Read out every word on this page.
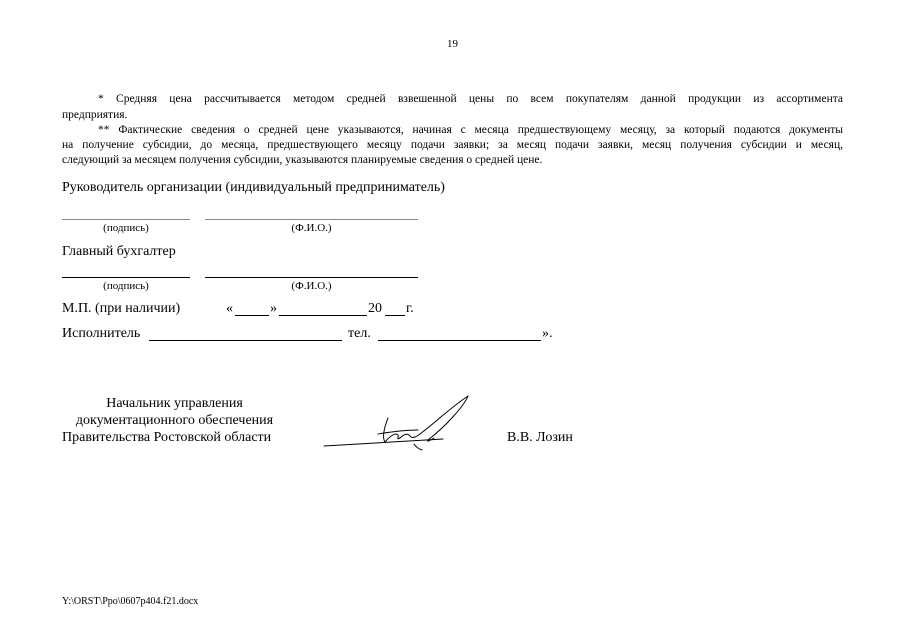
19
* Средняя цена рассчитывается методом средней взвешенной цены по всем покупателям данной продукции из ассортимента
предприятия.
** Фактические сведения о средней цене указываются, начиная с месяца предшествующему месяцу, за который подаются документы
на получение субсидии, до месяца, предшествующего месяцу подачи заявки; за месяц подачи заявки, месяц получения субсидии и месяц,
следующий за месяцем получения субсидии, указываются планируемые сведения о средней цене.
Руководитель организации (индивидуальный предприниматель)
(подпись)	(Ф.И.О.)
Главный бухгалтер
(подпись)	(Ф.И.О.)
М.П. (при наличии)	«	»	20 г.
Исполнитель	тел.	».
Начальник управления
документационного обеспечения
Правительства Ростовской области	В.В. Лозин
Y:\ORST\Ppo\0607p404.f21.docx
